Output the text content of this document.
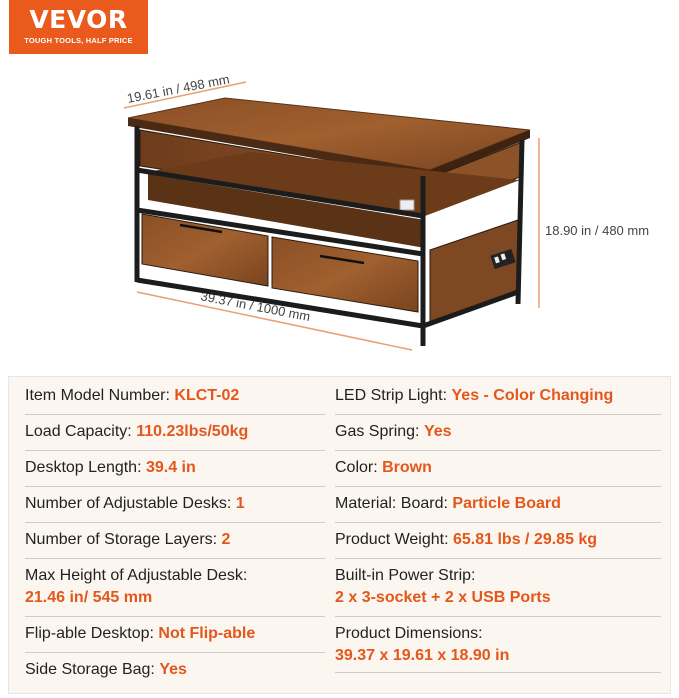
VEVOR
TOUGH TOOLS, HALF PRICE
19.61 in / 498 mm
18.90 in / 480 mm
39.37 in / 1000 mm
Item Model Number: KLCT-02
Load Capacity: 110.23lbs/50kg
Desktop Length: 39.4 in
Number of Adjustable Desks: 1
Number of Storage Layers: 2
Max Height of Adjustable Desk:
21.46 in/ 545 mm
Flip-able Desktop: Not Flip-able
Side Storage Bag: Yes
LED Strip Light: Yes - Color Changing
Gas Spring: Yes
Color: Brown
Material: Board: Particle Board
Product Weight: 65.81 lbs / 29.85 kg
Built-in Power Strip:
2 x 3-socket + 2 x USB Ports
Product Dimensions:
39.37 x 19.61 x 18.90 in
